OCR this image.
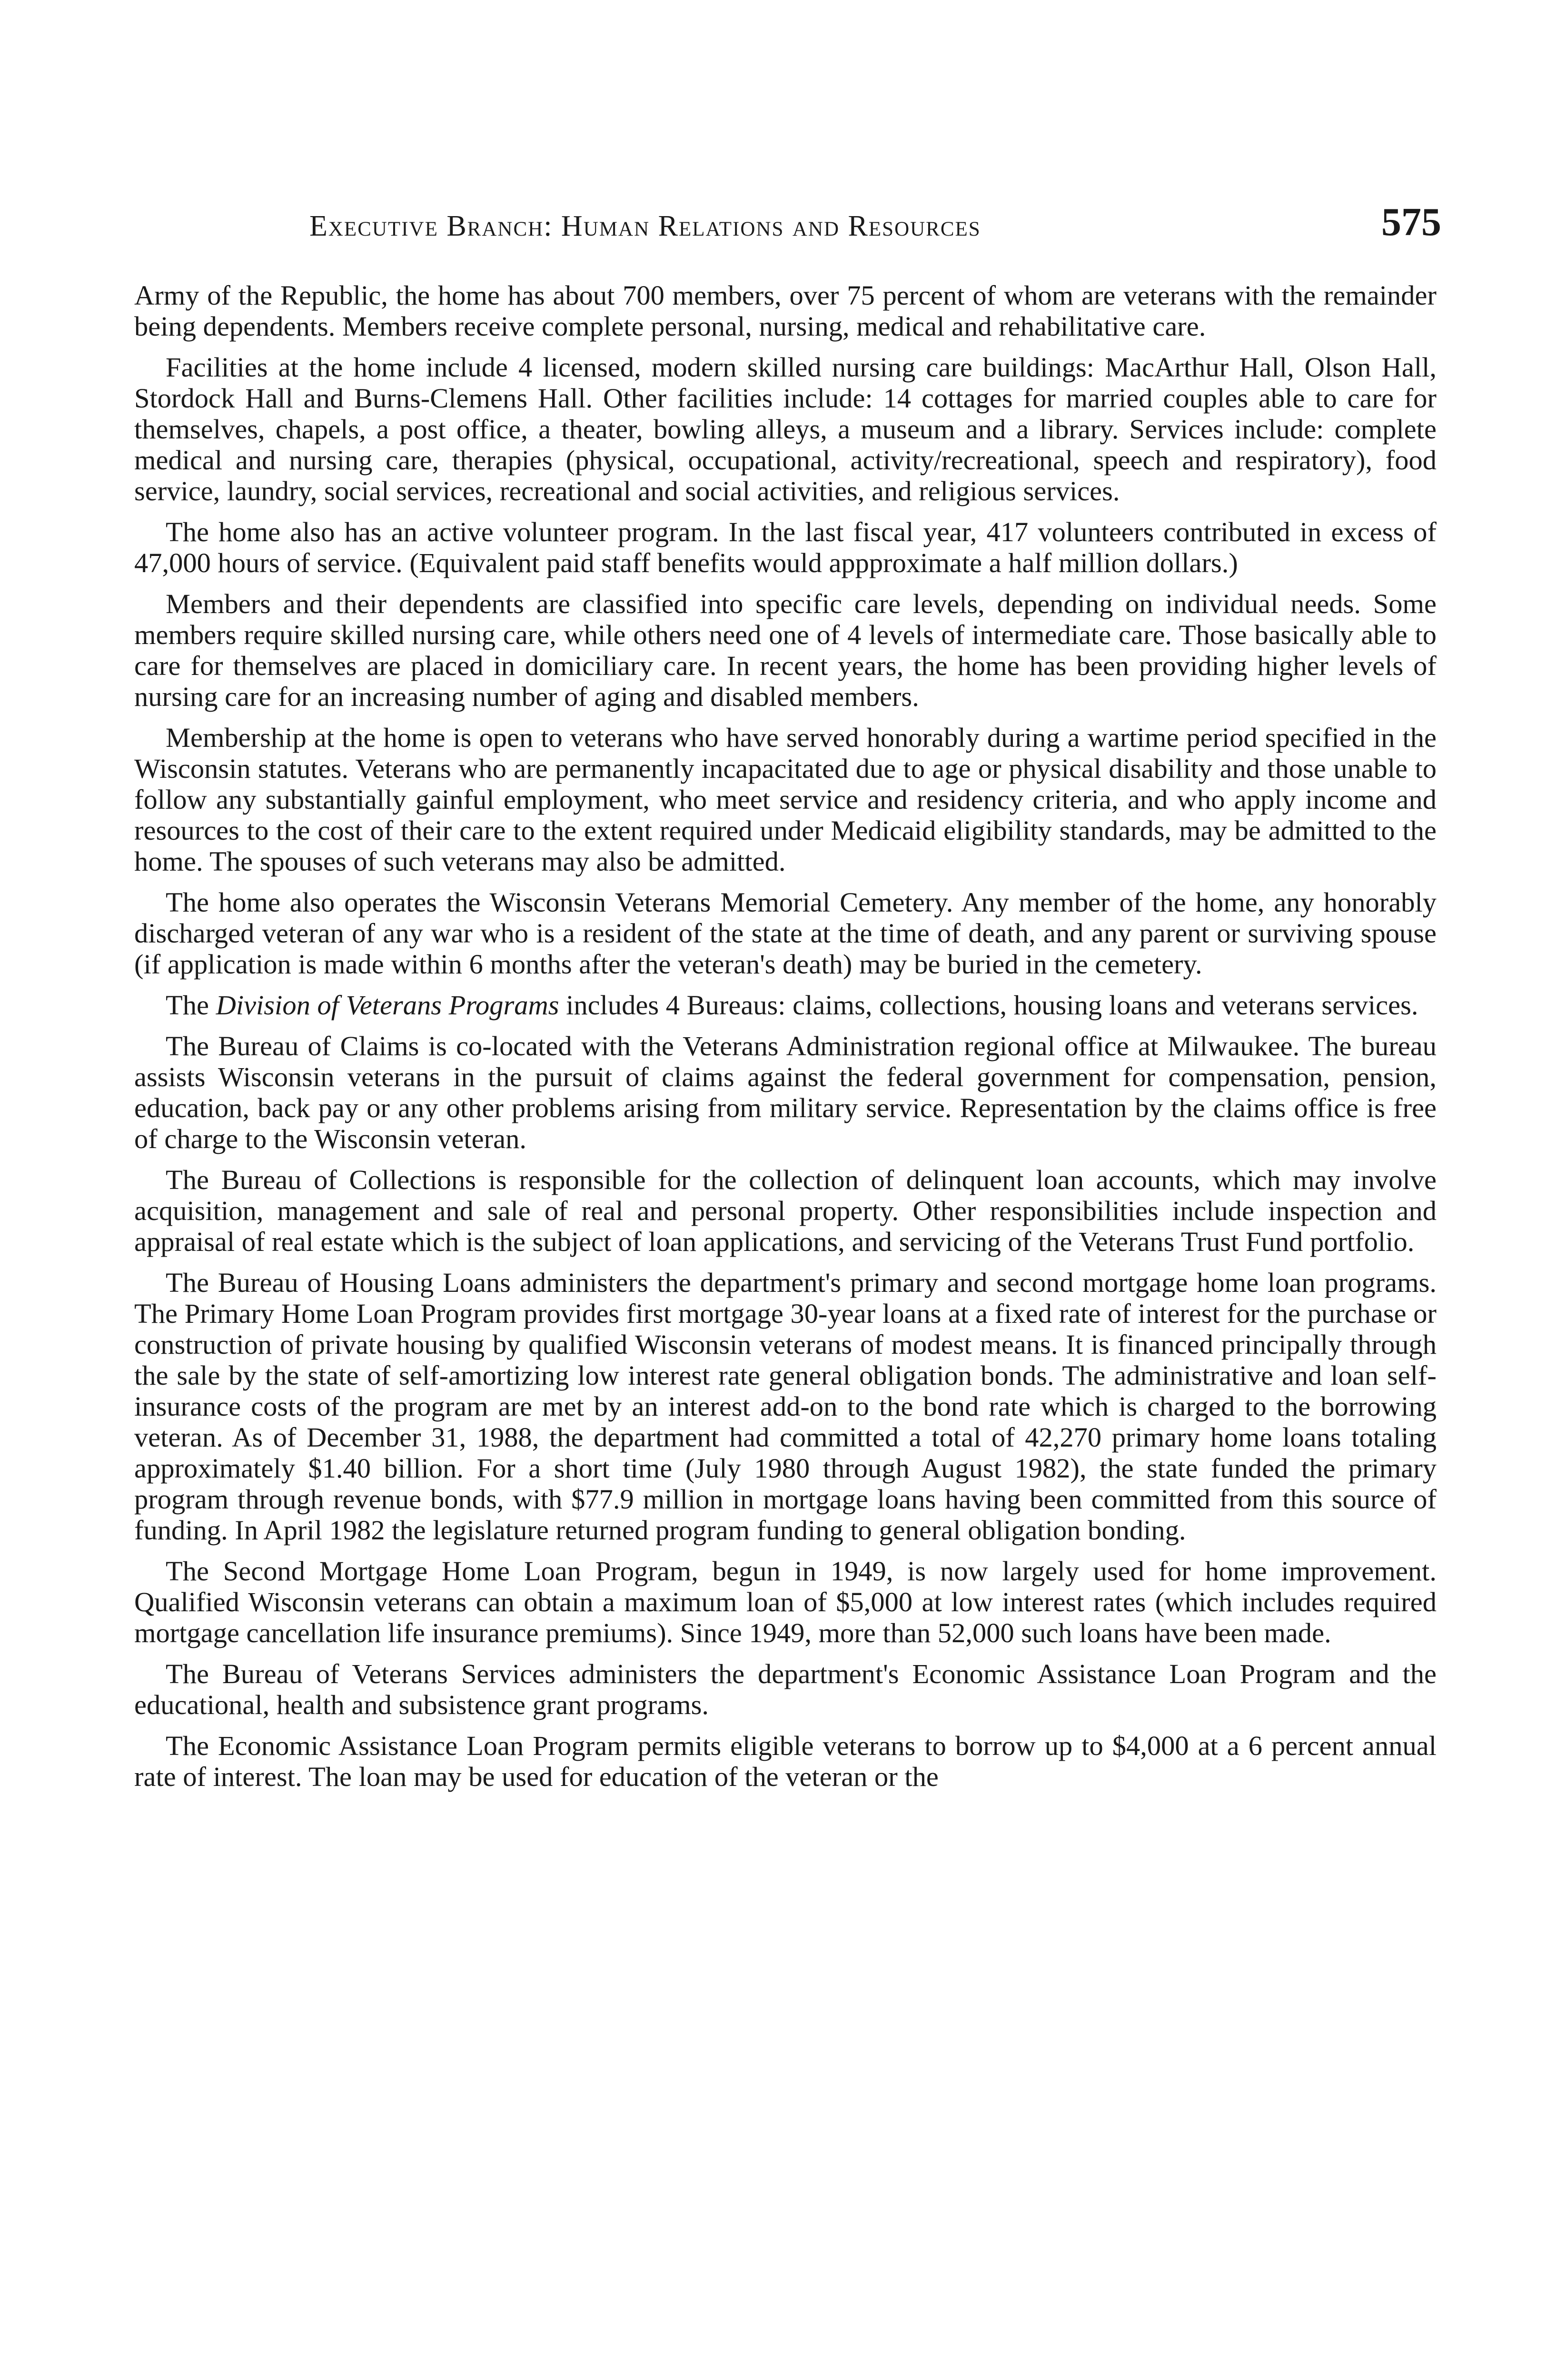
Executive Branch: Human Relations and Resources	575

Army of the Republic, the home has about 700 members, over 75 percent of whom are veterans with the remainder being dependents. Members receive complete personal, nursing, medical and rehabilitative care.

Facilities at the home include 4 licensed, modern skilled nursing care buildings: MacArthur Hall, Olson Hall, Stordock Hall and Burns-Clemens Hall. Other facilities include: 14 cottages for married couples able to care for themselves, chapels, a post office, a theater, bowling alleys, a museum and a library. Services include: complete medical and nursing care, therapies (physical, occupational, activity/recreational, speech and respiratory), food service, laundry, social services, recreational and social activities, and religious services.

The home also has an active volunteer program. In the last fiscal year, 417 volunteers contributed in excess of 47,000 hours of service. (Equivalent paid staff benefits would appproximate a half million dollars.)

Members and their dependents are classified into specific care levels, depending on individual needs. Some members require skilled nursing care, while others need one of 4 levels of intermediate care. Those basically able to care for themselves are placed in domiciliary care. In recent years, the home has been providing higher levels of nursing care for an increasing number of aging and disabled members.

Membership at the home is open to veterans who have served honorably during a wartime period specified in the Wisconsin statutes. Veterans who are permanently incapacitated due to age or physical disability and those unable to follow any substantially gainful employment, who meet service and residency criteria, and who apply income and resources to the cost of their care to the extent required under Medicaid eligibility standards, may be admitted to the home. The spouses of such veterans may also be admitted.

The home also operates the Wisconsin Veterans Memorial Cemetery. Any member of the home, any honorably discharged veteran of any war who is a resident of the state at the time of death, and any parent or surviving spouse (if application is made within 6 months after the veteran's death) may be buried in the cemetery.

The Division of Veterans Programs includes 4 Bureaus: claims, collections, housing loans and veterans services.

The Bureau of Claims is co-located with the Veterans Administration regional office at Milwaukee. The bureau assists Wisconsin veterans in the pursuit of claims against the federal government for compensation, pension, education, back pay or any other problems arising from military service. Representation by the claims office is free of charge to the Wisconsin veteran.

The Bureau of Collections is responsible for the collection of delinquent loan accounts, which may involve acquisition, management and sale of real and personal property. Other responsibilities include inspection and appraisal of real estate which is the subject of loan applications, and servicing of the Veterans Trust Fund portfolio.

The Bureau of Housing Loans administers the department's primary and second mortgage home loan programs. The Primary Home Loan Program provides first mortgage 30-year loans at a fixed rate of interest for the purchase or construction of private housing by qualified Wisconsin veterans of modest means. It is financed principally through the sale by the state of self-amortizing low interest rate general obligation bonds. The administrative and loan self-insurance costs of the program are met by an interest add-on to the bond rate which is charged to the borrowing veteran. As of December 31, 1988, the department had committed a total of 42,270 primary home loans totaling approximately $1.40 billion. For a short time (July 1980 through August 1982), the state funded the primary program through revenue bonds, with $77.9 million in mortgage loans having been committed from this source of funding. In April 1982 the legislature returned program funding to general obligation bonding.

The Second Mortgage Home Loan Program, begun in 1949, is now largely used for home improvement. Qualified Wisconsin veterans can obtain a maximum loan of $5,000 at low interest rates (which includes required mortgage cancellation life insurance premiums). Since 1949, more than 52,000 such loans have been made.

The Bureau of Veterans Services administers the department's Economic Assistance Loan Program and the educational, health and subsistence grant programs.

The Economic Assistance Loan Program permits eligible veterans to borrow up to $4,000 at a 6 percent annual rate of interest. The loan may be used for education of the veteran or the
